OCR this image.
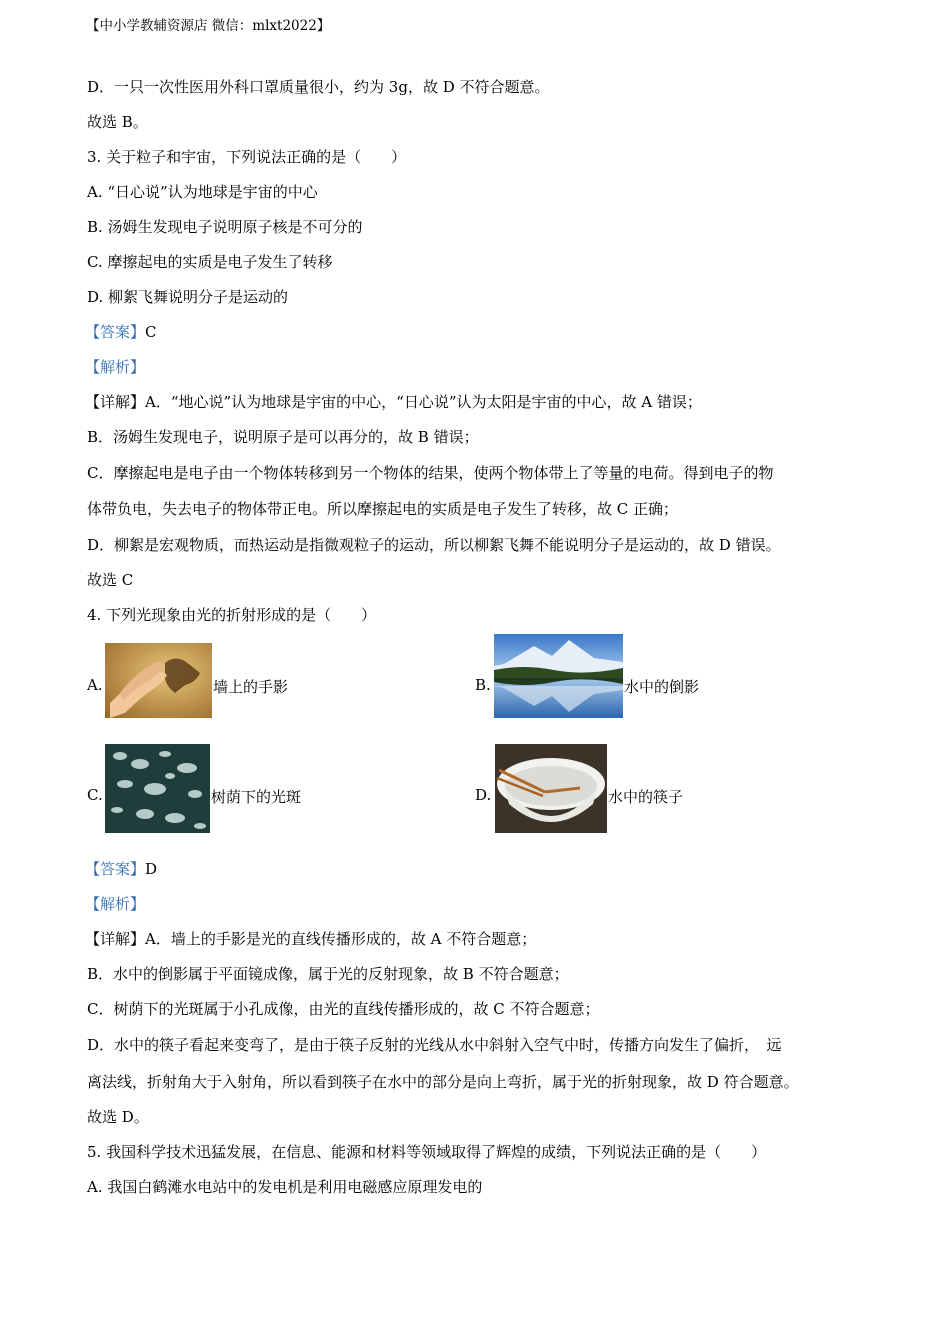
【中小学教辅资源店 微信：mlxt2022】
D．一只一次性医用外科口罩质量很小，约为 3g，故 D 不符合题意。
故选 B。
3. 关于粒子和宇宙，下列说法正确的是（　　）
A. “日心说”认为地球是宇宙的中心
B. 汤姆生发现电子说明原子核是不可分的
C. 摩擦起电的实质是电子发生了转移
D. 柳絮飞舞说明分子是运动的
【答案】C
【解析】
【详解】A．“地心说”认为地球是宇宙的中心，“日心说”认为太阳是宇宙的中心，故 A 错误；
B．汤姆生发现电子，说明原子是可以再分的，故 B 错误；
C．摩擦起电是电子由一个物体转移到另一个物体的结果，使两个物体带上了等量的电荷。得到电子的物
体带负电，失去电子的物体带正电。所以摩擦起电的实质是电子发生了转移，故 C 正确；
D．柳絮是宏观物质，而热运动是指微观粒子的运动，所以柳絮飞舞不能说明分子是运动的，故 D 错误。
故选 C
4. 下列光现象由光的折射形成的是（　　）
A.	墙上的手影	B.	水中的倒影
C.	树荫下的光斑	D.	水中的筷子
【答案】D
【解析】
【详解】A．墙上的手影是光的直线传播形成的，故 A 不符合题意；
B．水中的倒影属于平面镜成像，属于光的反射现象，故 B 不符合题意；
C．树荫下的光斑属于小孔成像，由光的直线传播形成的，故 C 不符合题意；
D．水中的筷子看起来变弯了，是由于筷子反射的光线从水中斜射入空气中时，传播方向发生了偏折，　远
离法线，折射角大于入射角，所以看到筷子在水中的部分是向上弯折，属于光的折射现象，故 D 符合题意。
故选 D。
5. 我国科学技术迅猛发展，在信息、能源和材料等领域取得了辉煌的成绩，下列说法正确的是（　　）
A. 我国白鹤滩水电站中的发电机是利用电磁感应原理发电的
